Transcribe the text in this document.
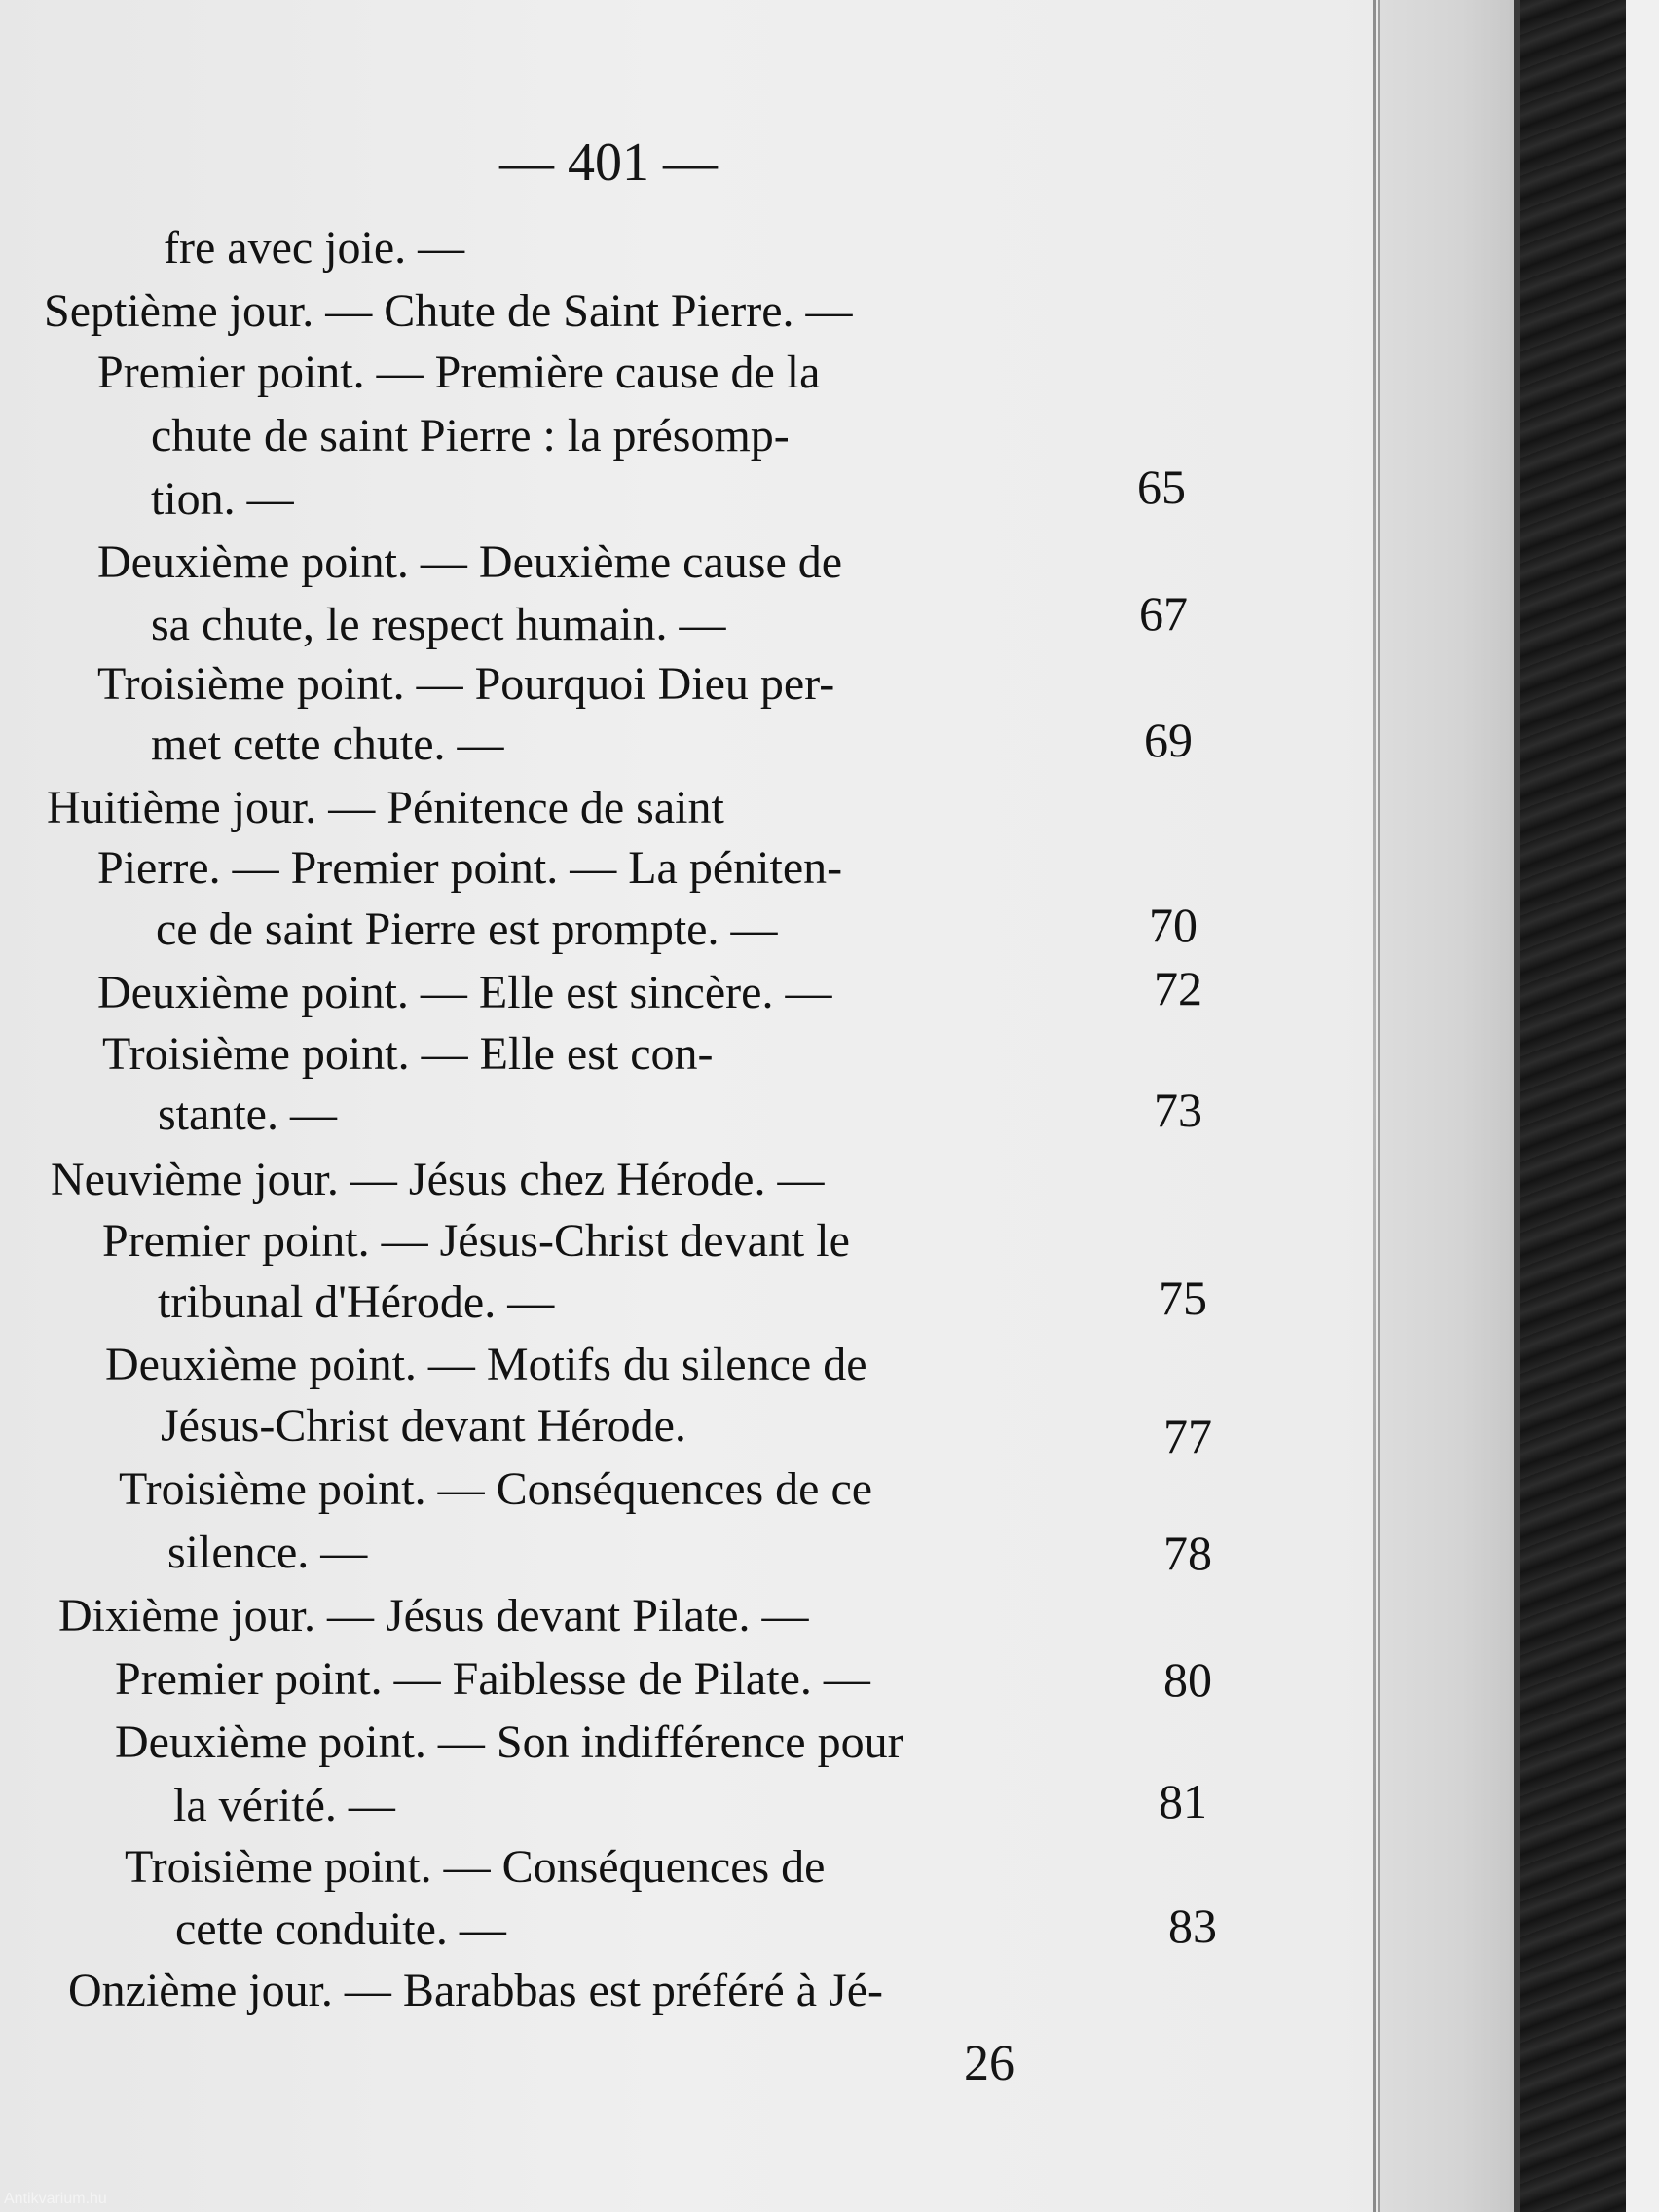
— 401 —
fre avec joie. —
Septième jour. — Chute de Saint Pierre. —
Premier point. — Première cause de la
chute de saint Pierre : la présomp-
tion. —	65
Deuxième point. — Deuxième cause de
sa chute, le respect humain. —	67
Troisième point. — Pourquoi Dieu per-
met cette chute. —	69
Huitième jour. — Pénitence de saint
Pierre. — Premier point. — La péniten-
ce de saint Pierre est prompte. —	70
Deuxième point. — Elle est sincère. —	72
Troisième point. — Elle est con-
stante. —	73
Neuvième jour. — Jésus chez Hérode. —
Premier point. — Jésus-Christ devant le
tribunal d'Hérode. —	75
Deuxième point. — Motifs du silence de
Jésus-Christ devant Hérode.	77
Troisième point. — Conséquences de ce
silence. —	78
Dixième jour. — Jésus devant Pilate. —
Premier point. — Faiblesse de Pilate. —	80
Deuxième point. — Son indifférence pour
la vérité. —	81
Troisième point. — Conséquences de
cette conduite. —	83
Onzième jour. — Barabbas est préféré à Jé-
26
Antikvarium.hu
